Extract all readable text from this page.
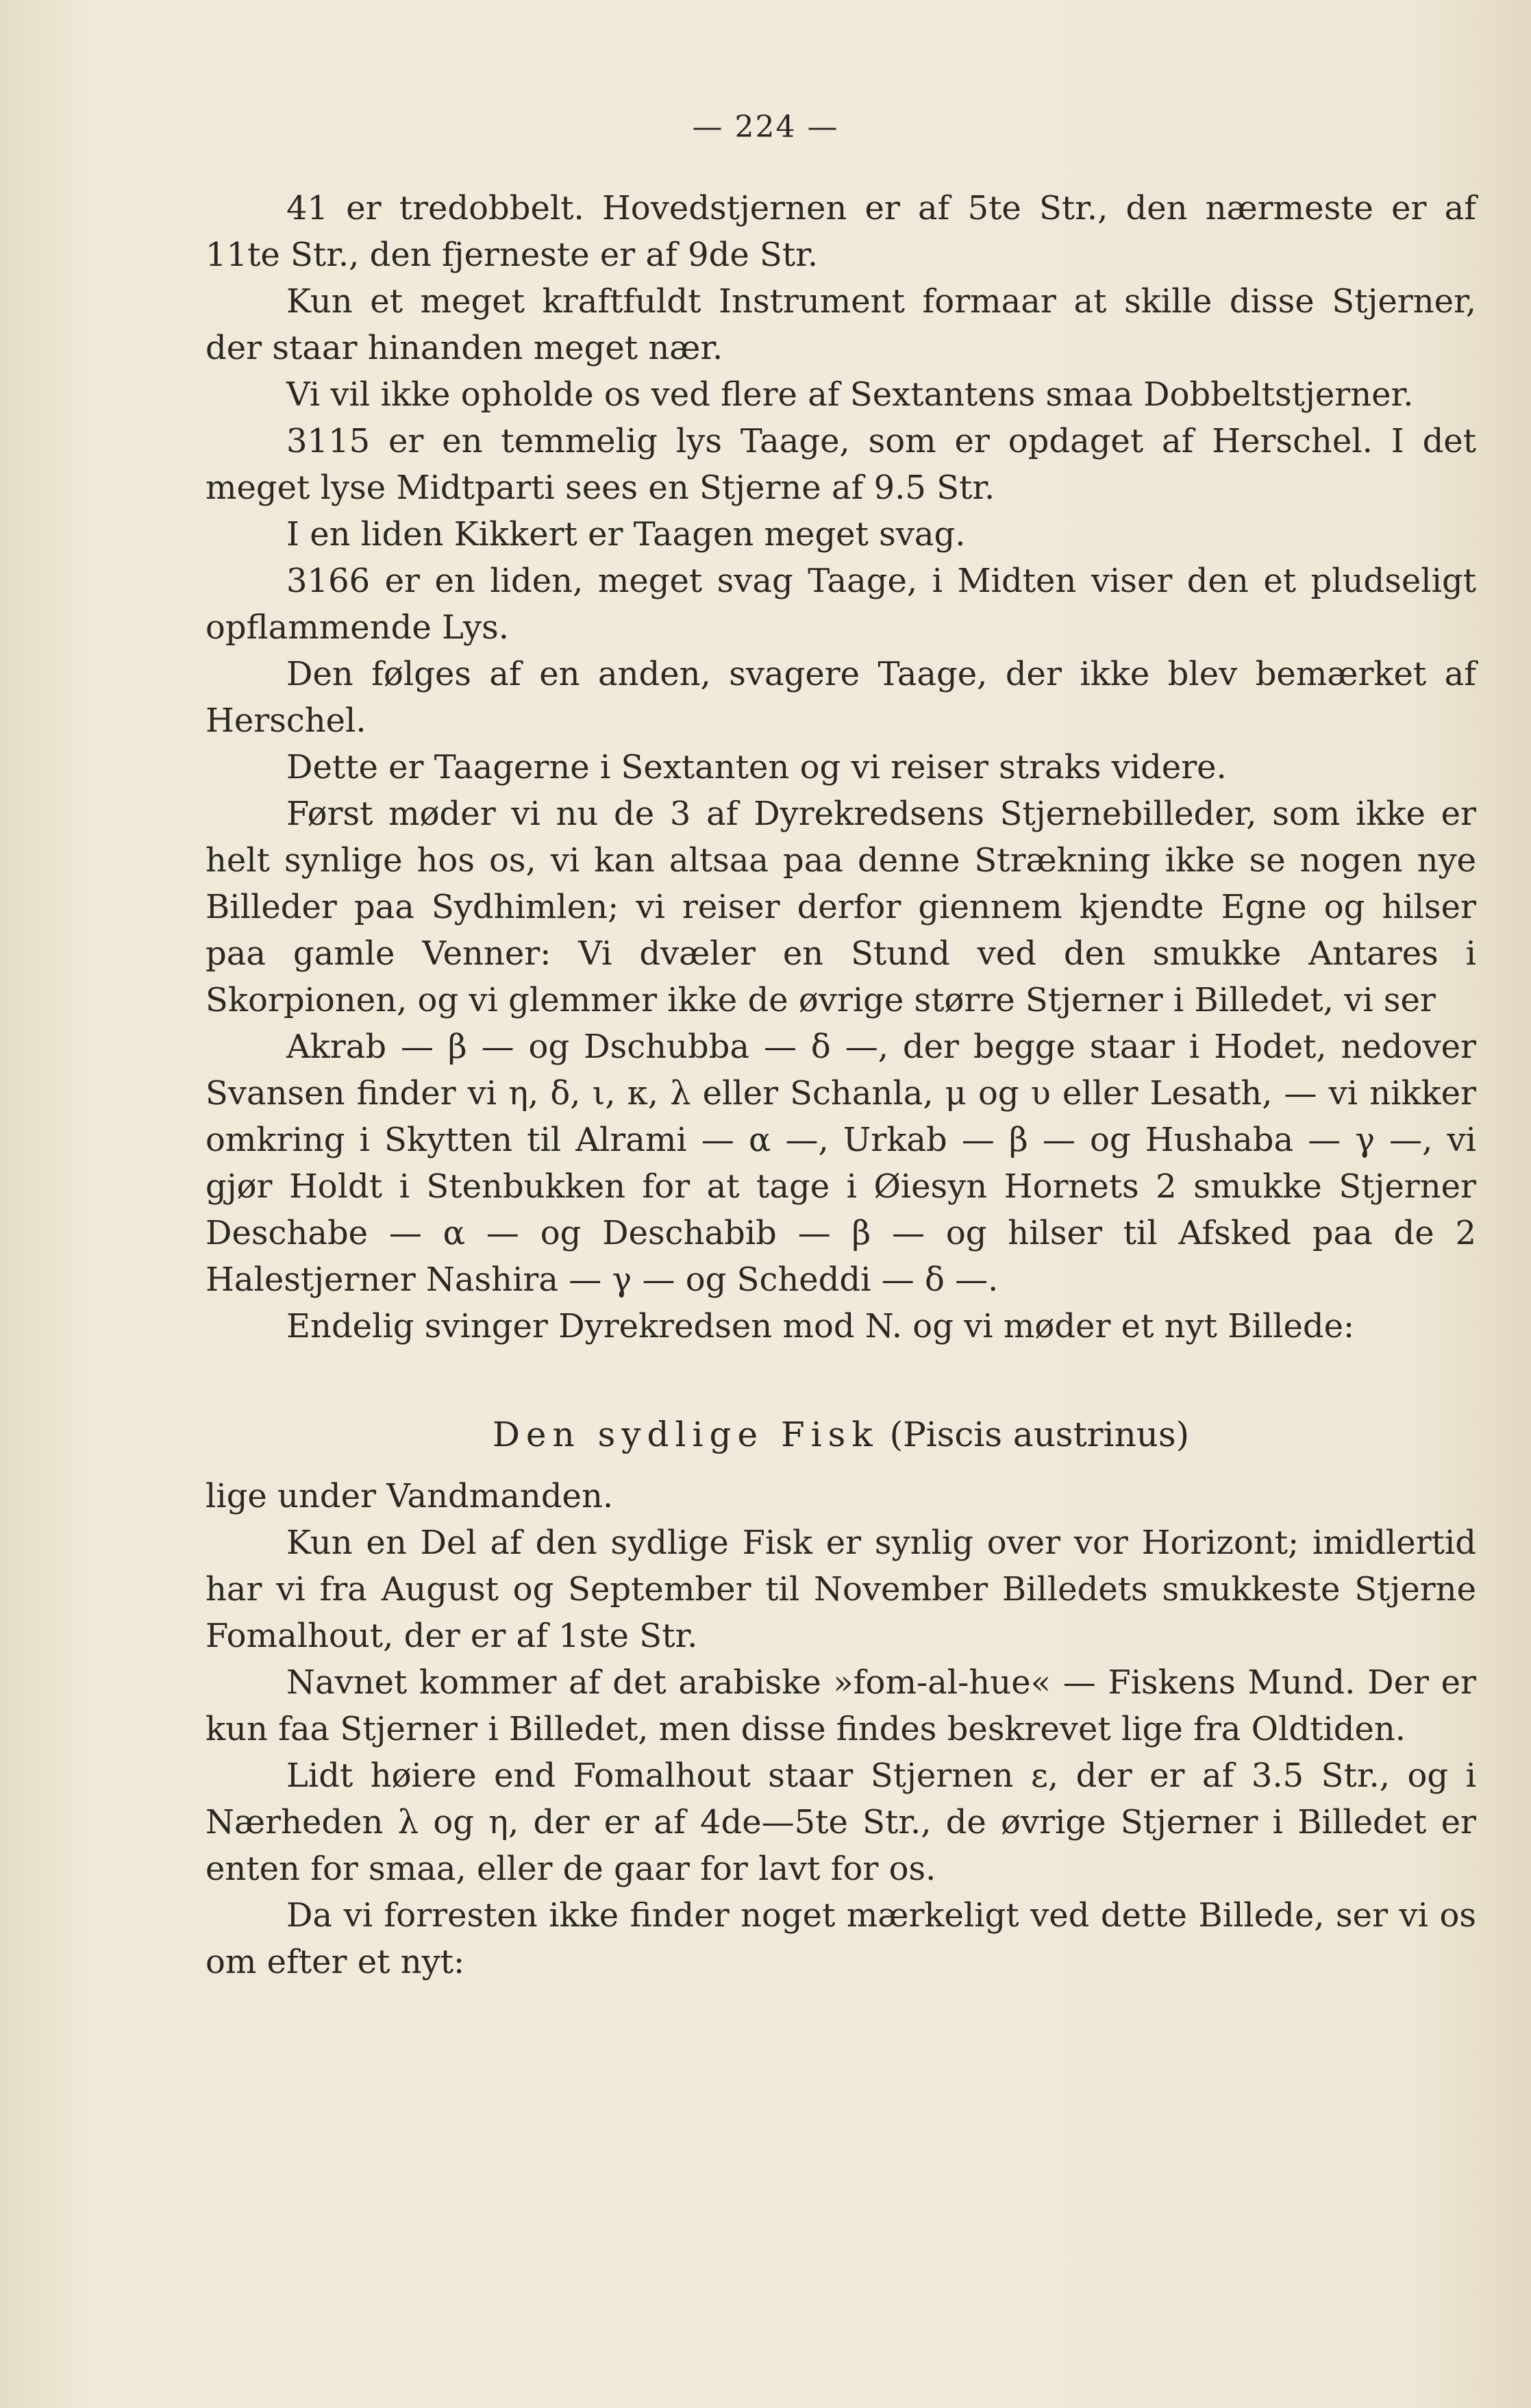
— 224 —

41 er tredobbelt. Hovedstjernen er af 5te Str., den nærmeste er af 11te Str., den fjerneste er af 9de Str.

Kun et meget kraftfuldt Instrument formaar at skille disse Stjerner, der staar hinanden meget nær.

Vi vil ikke opholde os ved flere af Sextantens smaa Dobbeltstjerner.

3115 er en temmelig lys Taage, som er opdaget af Herschel. I det meget lyse Midtparti sees en Stjerne af 9.5 Str.

I en liden Kikkert er Taagen meget svag.

3166 er en liden, meget svag Taage, i Midten viser den et pludseligt opflammende Lys.

Den følges af en anden, svagere Taage, der ikke blev bemærket af Herschel.

Dette er Taagerne i Sextanten og vi reiser straks videre.

Først møder vi nu de 3 af Dyrekredsens Stjernebilleder, som ikke er helt synlige hos os, vi kan altsaa paa denne Strækning ikke se nogen nye Billeder paa Sydhimlen; vi reiser derfor giennem kjendte Egne og hilser paa gamle Venner: Vi dvæler en Stund ved den smukke Antares i Skorpionen, og vi glemmer ikke de øvrige større Stjerner i Billedet, vi ser

Akrab — β — og Dschubba — δ —, der begge staar i Hodet, nedover Svansen finder vi η, δ, ι, κ, λ eller Schanla, μ og υ eller Lesath, — vi nikker omkring i Skytten til Alrami — α —, Urkab — β — og Hushaba — γ —, vi gjør Holdt i Stenbukken for at tage i Øiesyn Hornets 2 smukke Stjerner Deschabe — α — og Deschabib — β — og hilser til Afsked paa de 2 Halestjerner Nashira — γ — og Scheddi — δ —.

Endelig svinger Dyrekredsen mod N. og vi møder et nyt Billede:

Den sydlige Fisk (Piscis austrinus)

lige under Vandmanden.

Kun en Del af den sydlige Fisk er synlig over vor Horizont; imidlertid har vi fra August og September til November Billedets smukkeste Stjerne Fomalhout, der er af 1ste Str.

Navnet kommer af det arabiske »fom-al-hue« — Fiskens Mund. Der er kun faa Stjerner i Billedet, men disse findes beskrevet lige fra Oldtiden.

Lidt høiere end Fomalhout staar Stjernen ε, der er af 3.5 Str., og i Nærheden λ og η, der er af 4de—5te Str., de øvrige Stjerner i Billedet er enten for smaa, eller de gaar for lavt for os.

Da vi forresten ikke finder noget mærkeligt ved dette Billede, ser vi os om efter et nyt:
